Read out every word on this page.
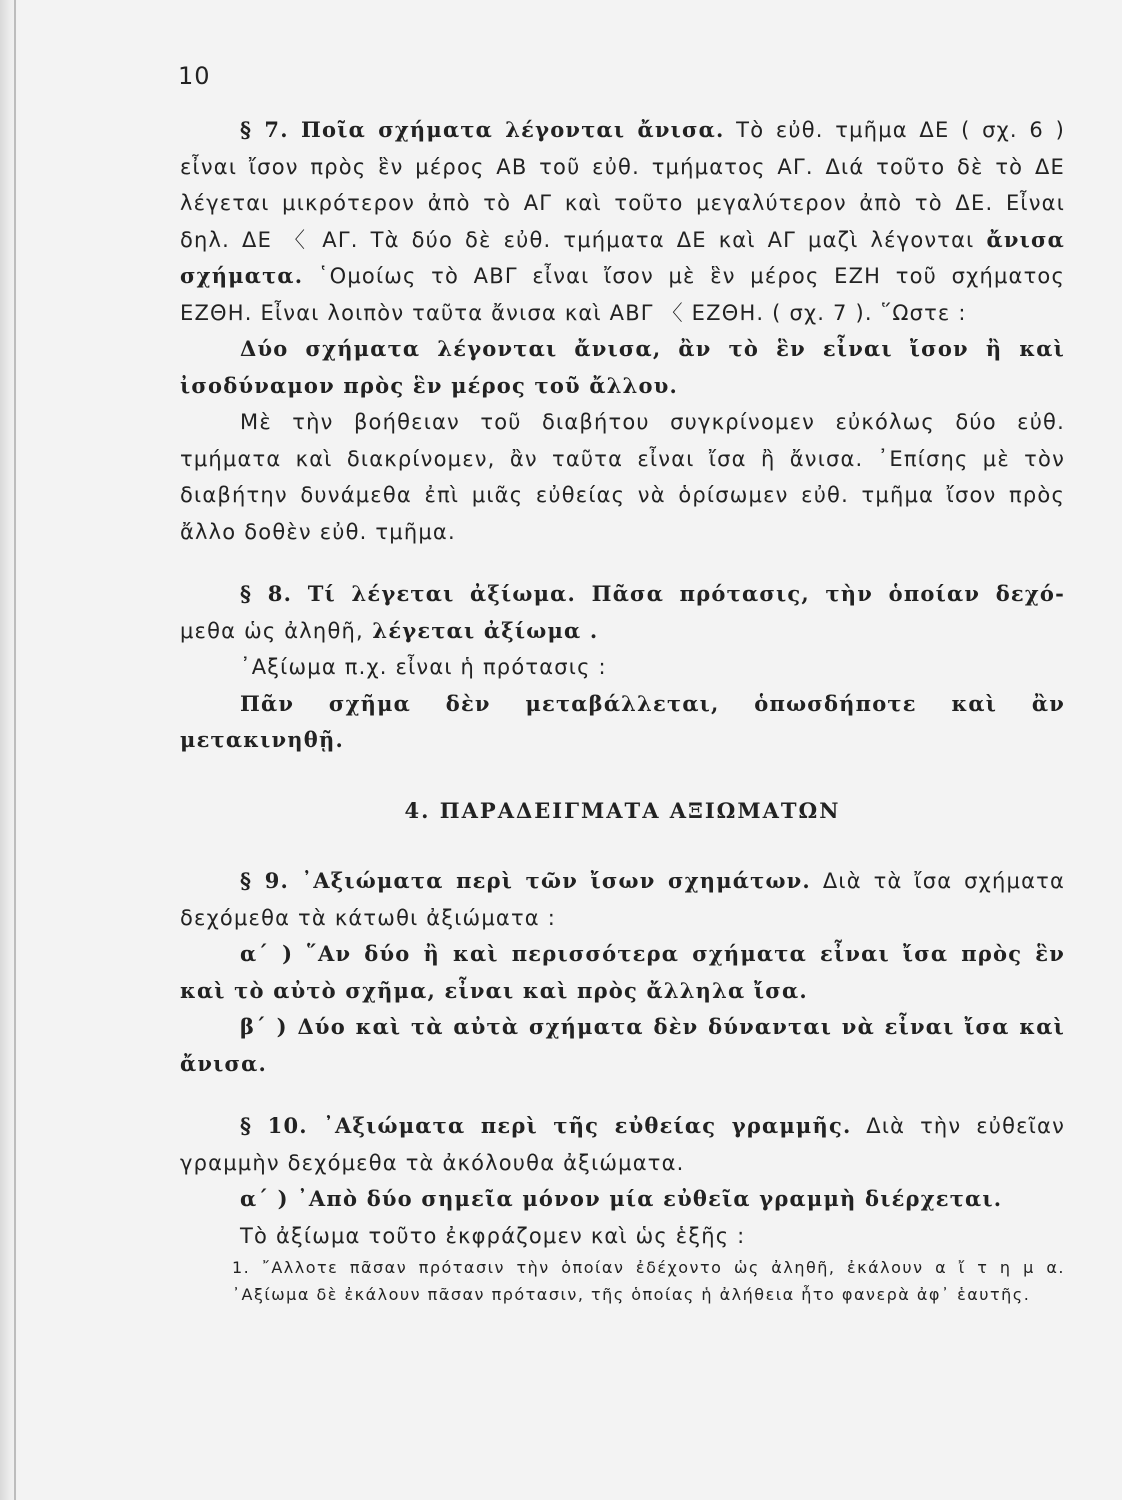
10

§ 7. Ποῖα σχήματα λέγονται ἄνισα. Τὸ εὐθ. τμῆμα ΔΕ ( σχ. 6 ) εἶναι ἴσον πρὸς ἓν μέρος ΑΒ τοῦ εὐθ. τμήματος ΑΓ. Διά τοῦτο δὲ τὸ ΔΕ λέγεται μικρότερον ἀπὸ τὸ ΑΓ καὶ τοῦτο μεγαλύτερον ἀπὸ τὸ ΔΕ. Εἶναι δηλ. ΔΕ 〈 ΑΓ. Τὰ δύο δὲ εὐθ. τμήματα ΔΕ καὶ ΑΓ μαζὶ λέγονται ἄνισα σχήματα. ῾Ομοίως τὸ ΑΒΓ εἶναι ἴσον μὲ ἓν μέρος ΕΖΗ τοῦ σχήματος ΕΖΘΗ. Εἶναι λοιπὸν ταῦτα ἄνισα καὶ ΑΒΓ 〈 ΕΖΘΗ. ( σχ. 7 ). ῞Ωστε :

Δύο σχήματα λέγονται ἄνισα, ἂν τὸ ἓν εἶναι ἴσον ἢ καὶ ἰσοδύναμον πρὸς ἓν μέρος τοῦ ἄλλου.

Μὲ τὴν βοήθειαν τοῦ διαβήτου συγκρίνομεν εὐκόλως δύο εὐθ. τμήματα καὶ διακρίνομεν, ἂν ταῦτα εἶναι ἴσα ἢ ἄνισα. ᾿Επίσης μὲ τὸν διαβήτην δυνάμεθα ἐπὶ μιᾶς εὐθείας νὰ ὁρίσωμεν εὐθ. τμῆμα ἴσον πρὸς ἄλλο δοθὲν εὐθ. τμῆμα.

§ 8. Τί λέγεται ἀξίωμα. Πᾶσα πρότασις, τὴν ὁποίαν δεχό- μεθα ὡς ἀληθῆ, λέγεται ἀξίωμα .

᾿Αξίωμα π.χ. εἶναι ἡ πρότασις :

Πᾶν σχῆμα δὲν μεταβάλλεται, ὁπωσδήποτε καὶ ἂν μετακινηθῇ.

4. ΠΑΡΑΔΕΙΓΜΑΤΑ ΑΞΙΩΜΑΤΩΝ

§ 9. ᾿Αξιώματα περὶ τῶν ἴσων σχημάτων. Διὰ τὰ ἴσα σχήματα δεχόμεθα τὰ κάτωθι ἀξιώματα :

α΄ ) ῞Αν δύο ἢ καὶ περισσότερα σχήματα εἶναι ἴσα πρὸς ἓν καὶ τὸ αὐτὸ σχῆμα, εἶναι καὶ πρὸς ἄλληλα ἴσα.

β΄ ) Δύο καὶ τὰ αὐτὰ σχήματα δὲν δύνανται νὰ εἶναι ἴσα καὶ ἄνισα.

§ 10. ᾿Αξιώματα περὶ τῆς εὐθείας γραμμῆς. Διὰ τὴν εὐθεῖαν γραμμὴν δεχόμεθα τὰ ἀκόλουθα ἀξιώματα.

α΄ ) ᾿Απὸ δύο σημεῖα μόνον μία εὐθεῖα γραμμὴ διέρχεται.

Τὸ ἀξίωμα τοῦτο ἐκφράζομεν καὶ ὡς ἑξῆς :

1. ῎Αλλοτε πᾶσαν πρότασιν τὴν ὁποίαν ἐδέχοντο ὡς ἀληθῆ, ἐκάλουν α ἴ τ η μ α. ᾿Αξίωμα δὲ ἐκάλουν πᾶσαν πρότασιν, τῆς ὁποίας ἡ ἀλήθεια ἦτο φανερὰ ἀφ᾿ ἑαυτῆς.
